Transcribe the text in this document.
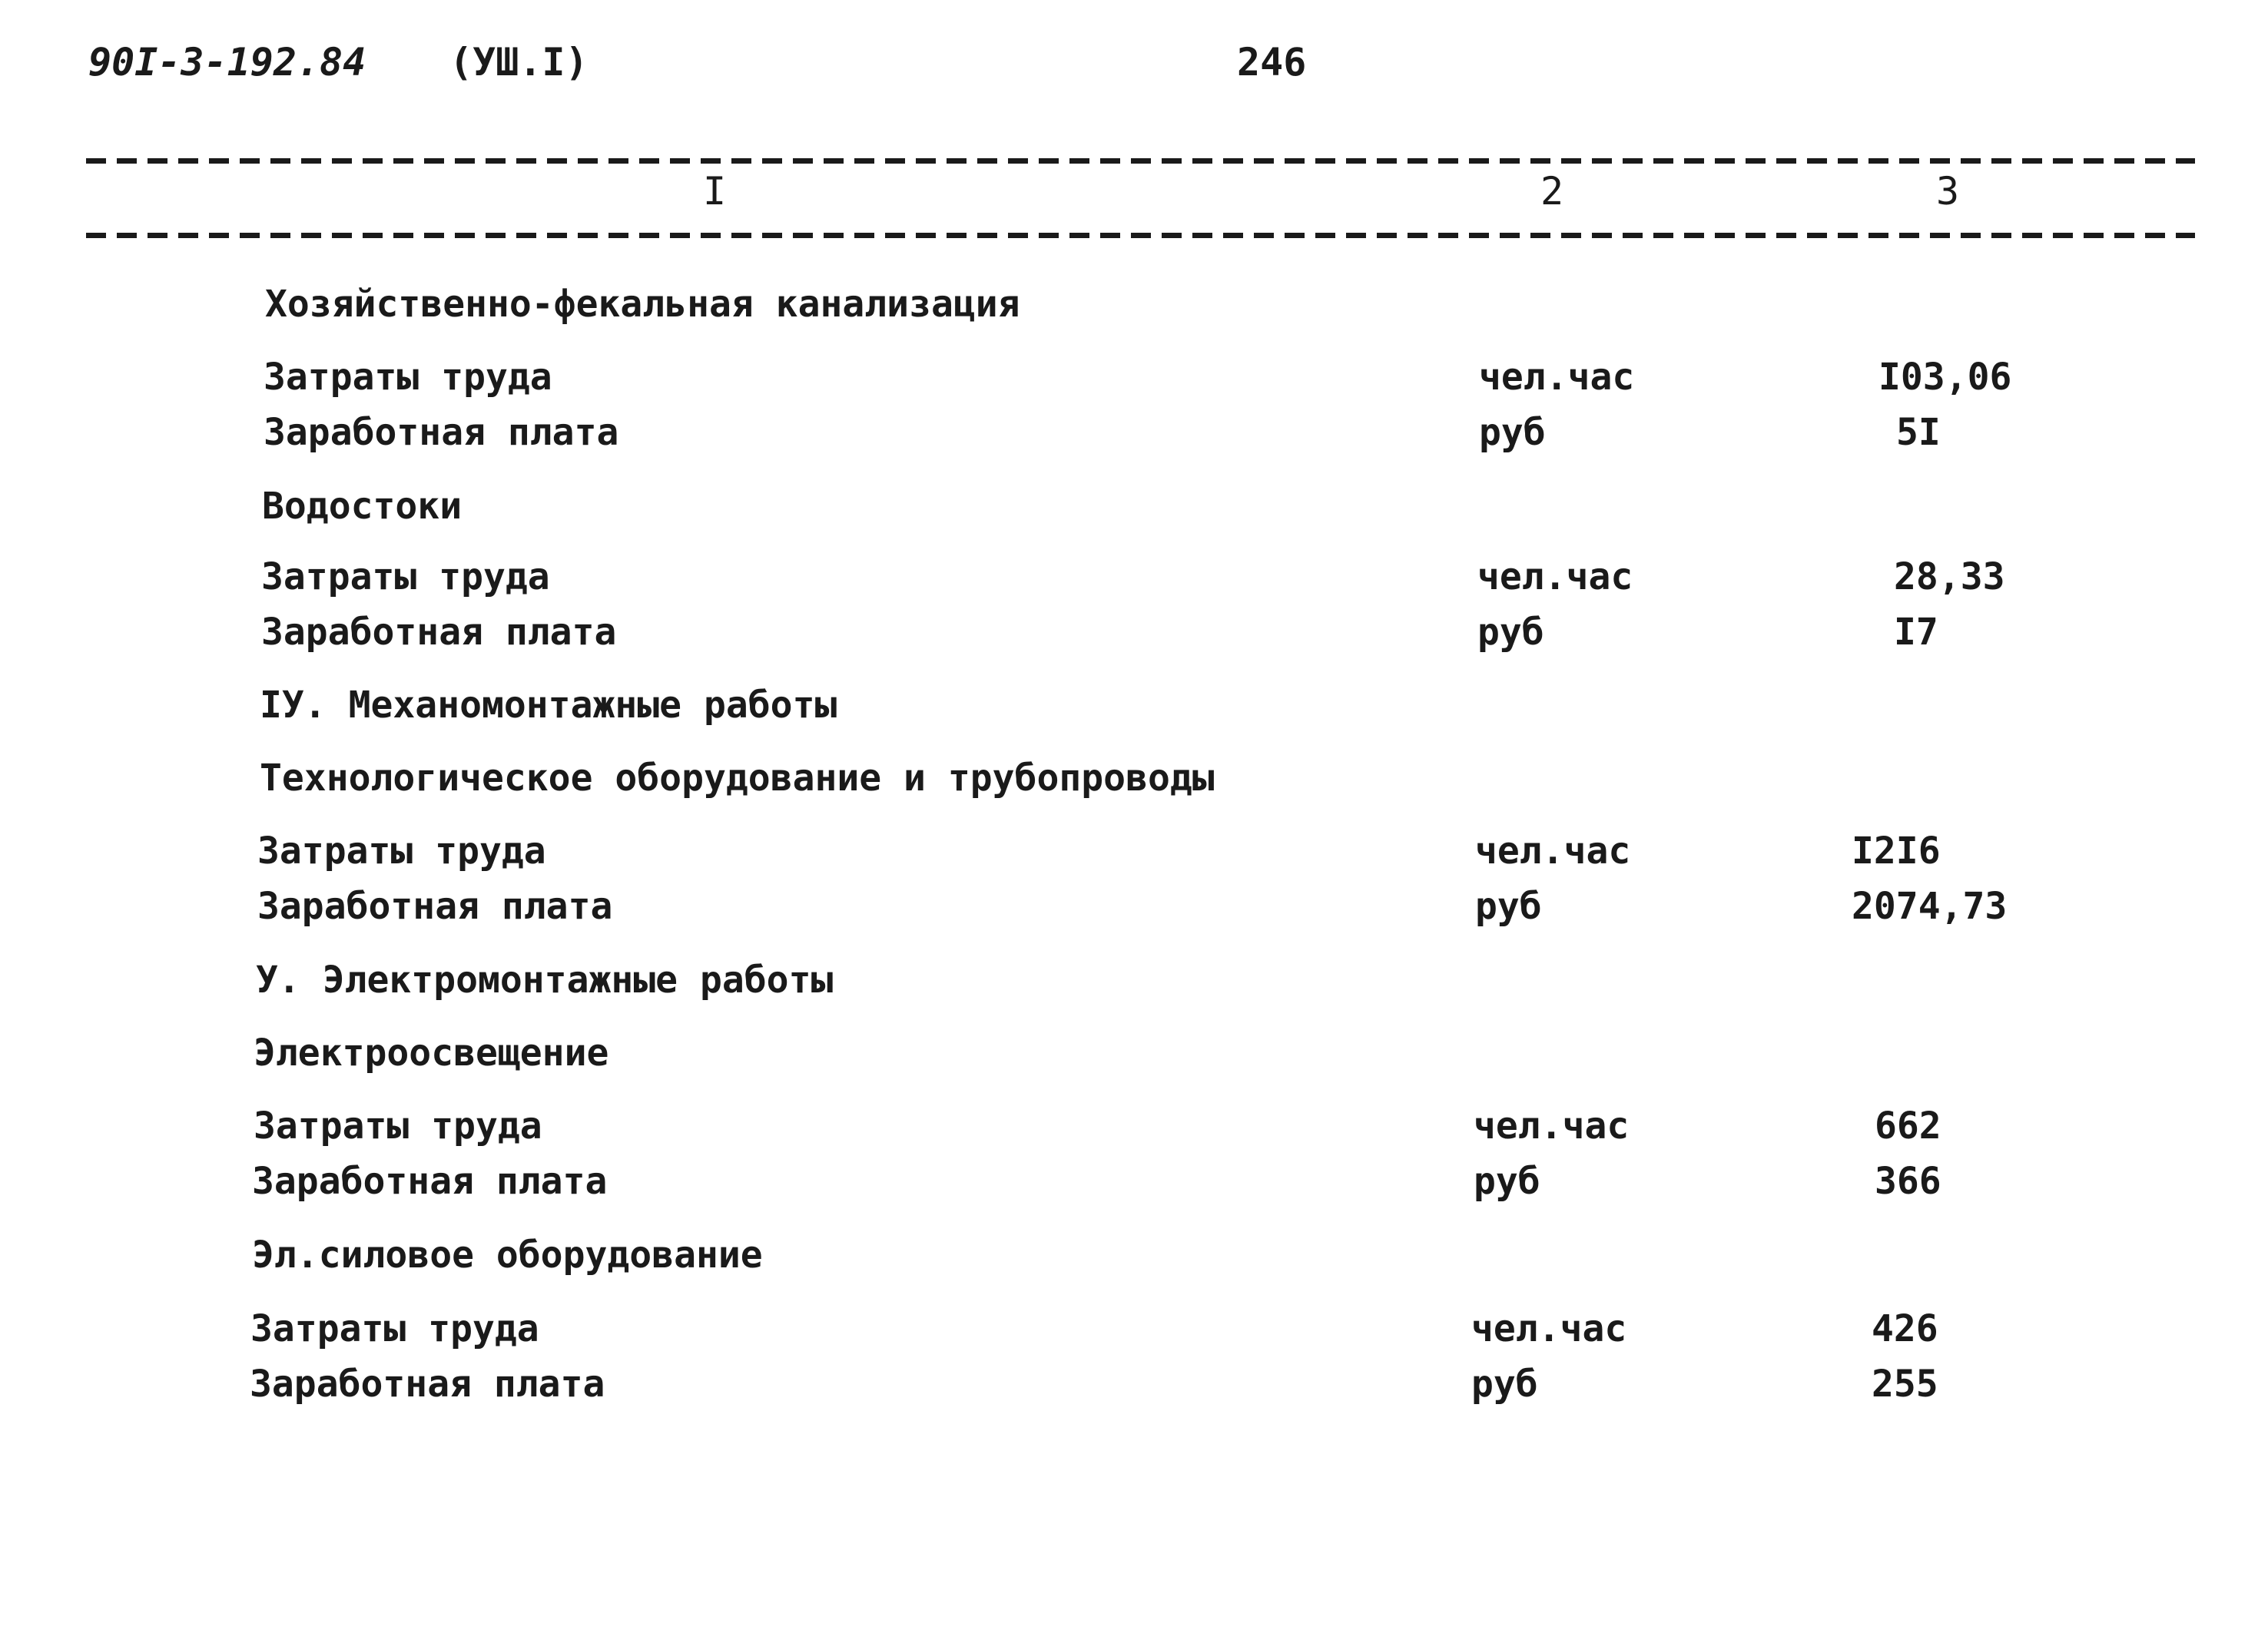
90I-3-192.84 (УШ.I)	246
I	2	3
Хозяйственно-фекальная канализация
Затраты труда	чел.час	I03,06
Заработная плата	руб	5I
Водостоки
Затраты труда	чел.час	28,33
Заработная плата	руб	I7
IУ. Механомонтажные работы
Технологическое оборудование и трубопроводы
Затраты труда	чел.час	I2I6
Заработная плата	руб	2074,73
У. Электромонтажные работы
Электроосвещение
Затраты труда	чел.час	662
Заработная плата	руб	366
Эл.силовое оборудование
Затраты труда	чел.час	426
Заработная плата	руб	255
